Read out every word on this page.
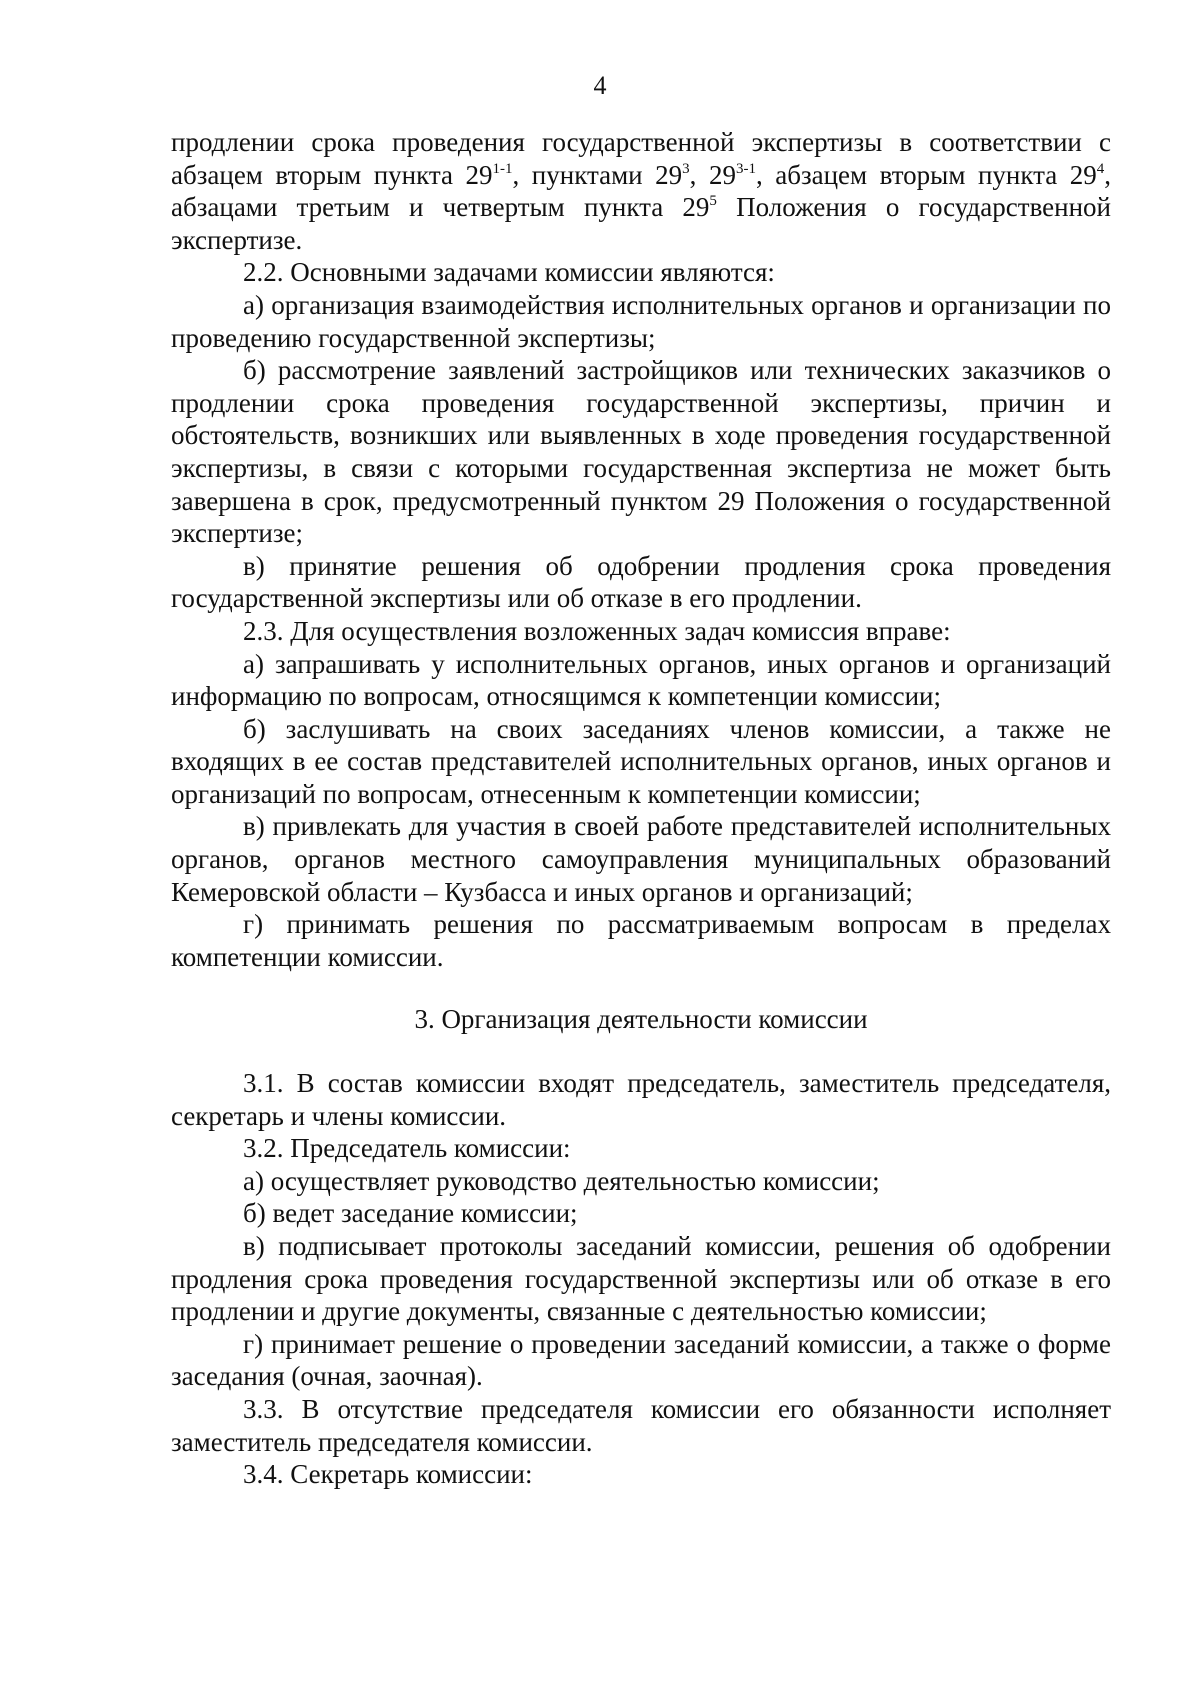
4

продлении срока проведения государственной экспертизы в соответствии с абзацем вторым пункта 29$^{1-1}$, пунктами $29^3$, 29$^{3-1}$, абзацем вторым пункта $29^4$, абзацами третьим и четвертым пункта $29^5$ Положения о государственной экспертизе.

2.2. Основными задачами комиссии являются:

а) организация взаимодействия исполнительных органов и организации по проведению государственной экспертизы;

б) рассмотрение заявлений застройщиков или технических заказчиков о продлении срока проведения государственной экспертизы, причин и обстоятельств, возникших или выявленных в ходе проведения государственной экспертизы, в связи с которыми государственная экспертиза не может быть завершена в срок, предусмотренный пунктом 29 Положения о государственной экспертизе;

в) принятие решения об одобрении продления срока проведения государственной экспертизы или об отказе в его продлении.

2.3. Для осуществления возложенных задач комиссия вправе:

а) запрашивать у исполнительных органов, иных органов и организаций информацию по вопросам, относящимся к компетенции комиссии;

б) заслушивать на своих заседаниях членов комиссии, а также не входящих в ее состав представителей исполнительных органов, иных органов и организаций по вопросам, отнесенным к компетенции комиссии;

в) привлекать для участия в своей работе представителей исполнительных органов, органов местного самоуправления муниципальных образований Кемеровской области – Кузбасса и иных органов и организаций;

г) принимать решения по рассматриваемым вопросам в пределах компетенции комиссии.

3. Организация деятельности комиссии

3.1. В состав комиссии входят председатель, заместитель председателя, секретарь и члены комиссии.

3.2. Председатель комиссии:

а) осуществляет руководство деятельностью комиссии;

б) ведет заседание комиссии;

в) подписывает протоколы заседаний комиссии, решения об одобрении продления срока проведения государственной экспертизы или об отказе в его продлении и другие документы, связанные с деятельностью комиссии;

г) принимает решение о проведении заседаний комиссии, а также о форме заседания (очная, заочная).

3.3. В отсутствие председателя комиссии его обязанности исполняет заместитель председателя комиссии.

3.4. Секретарь комиссии:
